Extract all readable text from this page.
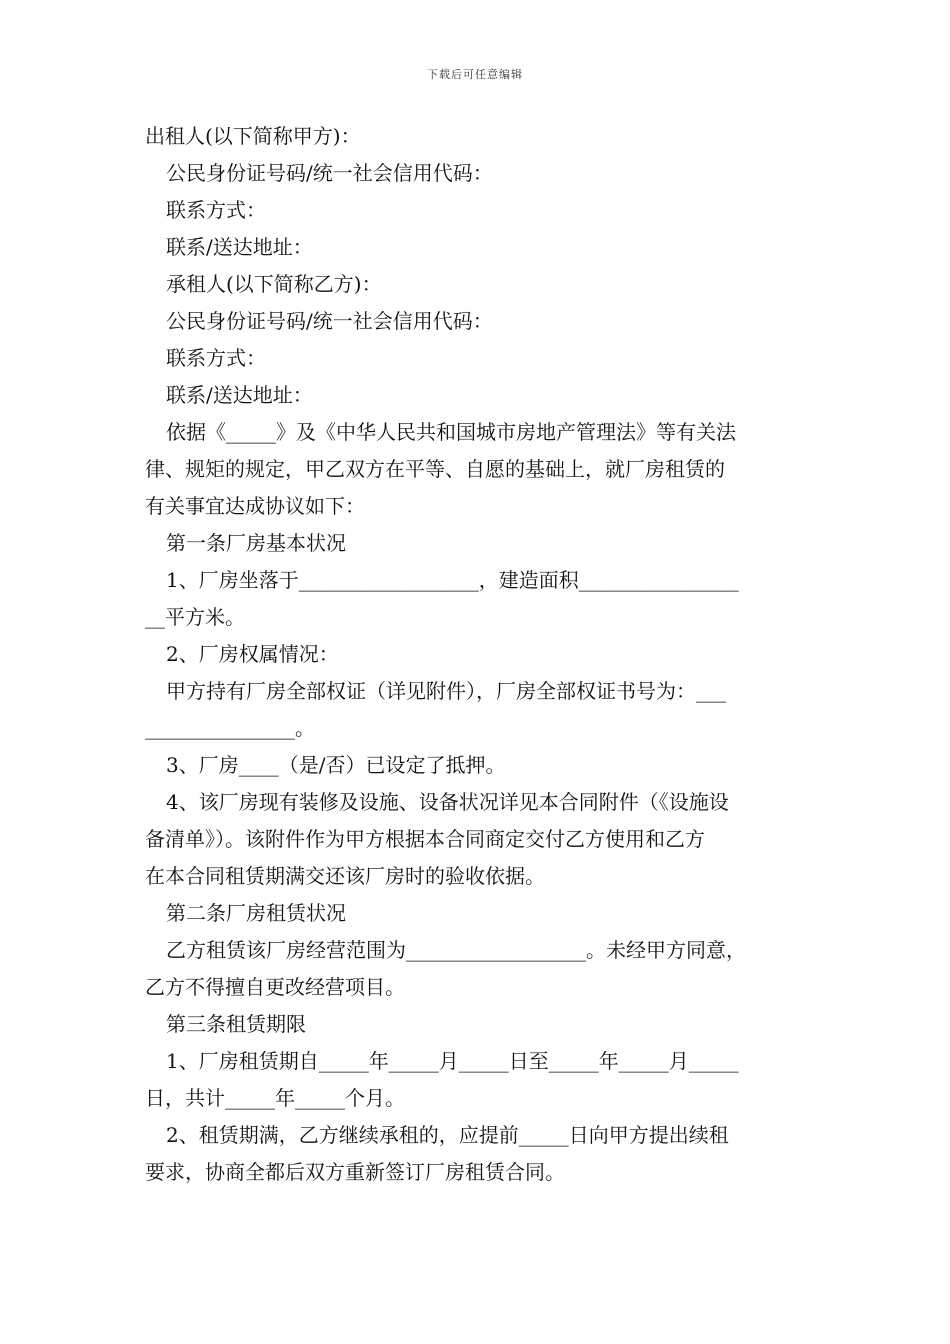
下载后可任意编辑
出租人(以下简称甲方)：
公民身份证号码/统一社会信用代码：
联系方式：
联系/送达地址：
承租人(以下简称乙方)：
公民身份证号码/统一社会信用代码：
联系方式：
联系/送达地址：
依据《_____》及《中华人民共和国城市房地产管理法》等有关法
律、规矩的规定，甲乙双方在平等、自愿的基础上，就厂房租赁的
有关事宜达成协议如下：
第一条厂房基本状况
1、厂房坐落于__________________，建造面积________________
__平方米。
2、厂房权属情况：
甲方持有厂房全部权证（详见附件），厂房全部权证书号为：___
_______________。
3、厂房____（是/否）已设定了抵押。
4、该厂房现有装修及设施、设备状况详见本合同附件（《设施设
备清单》）。该附件作为甲方根据本合同商定交付乙方使用和乙方
在本合同租赁期满交还该厂房时的验收依据。
第二条厂房租赁状况
乙方租赁该厂房经营范围为__________________。未经甲方同意，
乙方不得擅自更改经营项目。
第三条租赁期限
1、厂房租赁期自_____年_____月_____日至_____年_____月_____
日，共计_____年_____个月。
2、租赁期满，乙方继续承租的，应提前_____日向甲方提出续租
要求，协商全都后双方重新签订厂房租赁合同。
